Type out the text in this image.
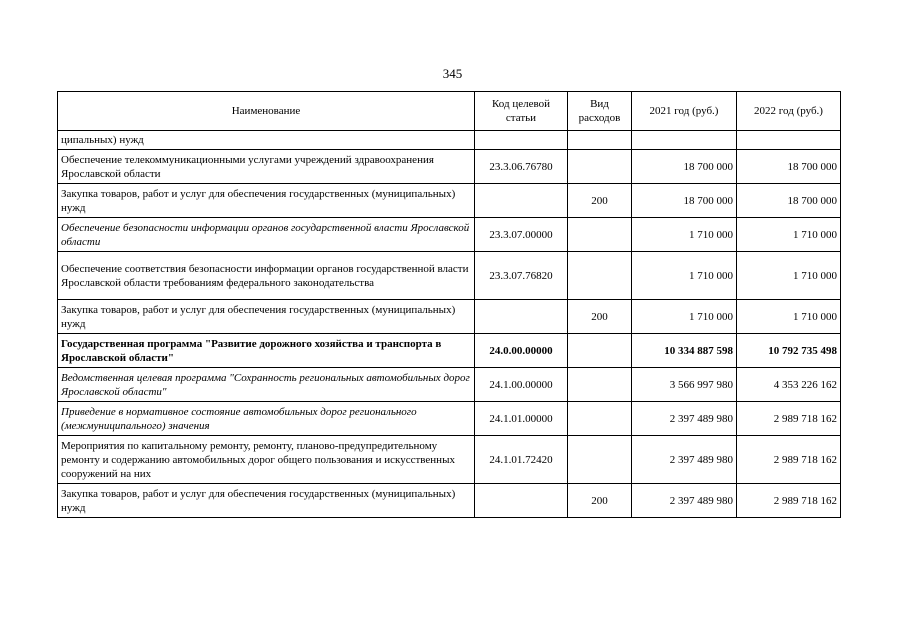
345
Наименование	Код целевой статьи	Вид расходов	2021 год (руб.)	2022 год (руб.)
ципальных) нужд				
Обеспечение телекоммуникационными услугами учреждений здравоохранения Ярославской области	23.3.06.76780		18 700 000	18 700 000
Закупка товаров, работ и услуг для обеспечения государственных (муниципальных) нужд		200	18 700 000	18 700 000
Обеспечение безопасности информации органов государственной власти Ярославской области	23.3.07.00000		1 710 000	1 710 000
Обеспечение соответствия безопасности информации органов государственной власти Ярославской области требованиям федерального законодательства	23.3.07.76820		1 710 000	1 710 000
Закупка товаров, работ и услуг для обеспечения государственных (муниципальных) нужд		200	1 710 000	1 710 000
Государственная программа "Развитие дорожного хозяйства и транспорта в Ярославской области"	24.0.00.00000		10 334 887 598	10 792 735 498
Ведомственная целевая программа "Сохранность региональных автомобильных дорог Ярославской области"	24.1.00.00000		3 566 997 980	4 353 226 162
Приведение в нормативное состояние автомобильных дорог регионального (межмуниципального) значения	24.1.01.00000		2 397 489 980	2 989 718 162
Мероприятия по капитальному ремонту, ремонту, планово-предупредительному ремонту и содержанию автомобильных дорог общего пользования и искусственных сооружений на них	24.1.01.72420		2 397 489 980	2 989 718 162
Закупка товаров, работ и услуг для обеспечения государственных (муниципальных) нужд		200	2 397 489 980	2 989 718 162
